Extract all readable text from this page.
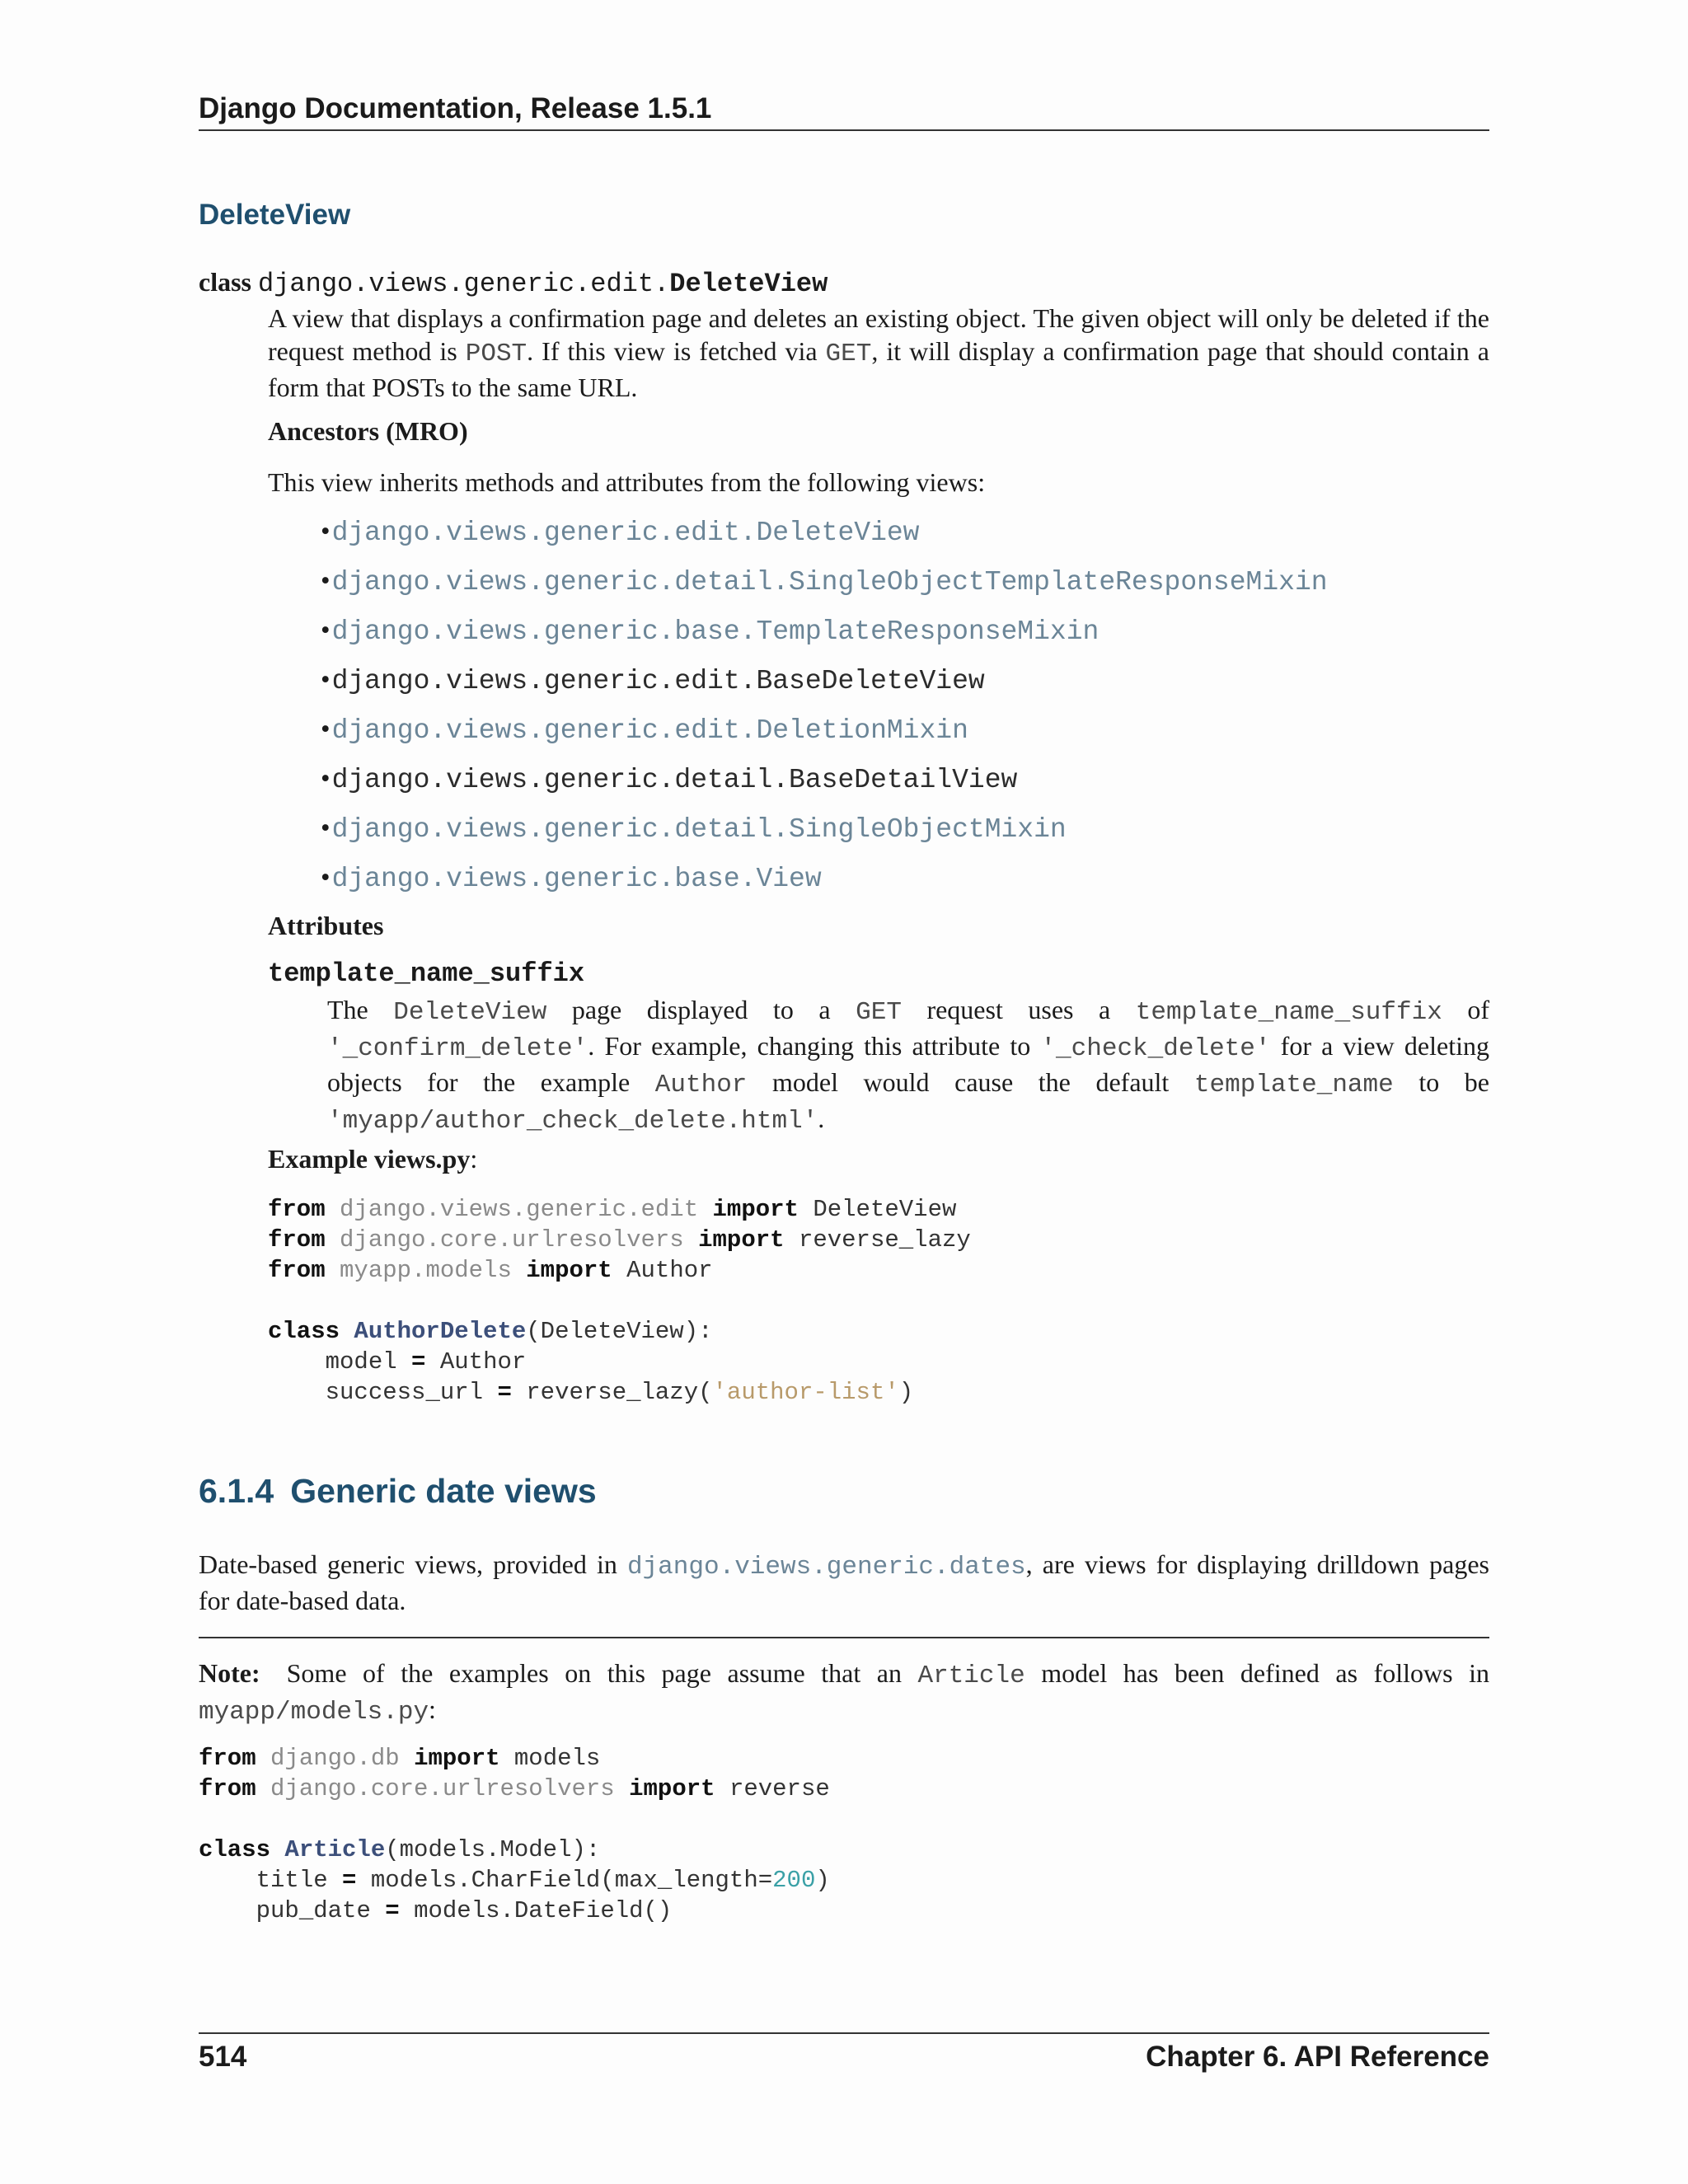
Django Documentation, Release 1.5.1
DeleteView
class django.views.generic.edit.DeleteView
A view that displays a confirmation page and deletes an existing object. The given object will only be deleted if the request method is POST. If this view is fetched via GET, it will display a confirmation page that should contain a form that POSTs to the same URL.
Ancestors (MRO)
This view inherits methods and attributes from the following views:
•django.views.generic.edit.DeleteView
•django.views.generic.detail.SingleObjectTemplateResponseMixin
•django.views.generic.base.TemplateResponseMixin
•django.views.generic.edit.BaseDeleteView
•django.views.generic.edit.DeletionMixin
•django.views.generic.detail.BaseDetailView
•django.views.generic.detail.SingleObjectMixin
•django.views.generic.base.View
Attributes
template_name_suffix
The DeleteView page displayed to a GET request uses a template_name_suffix of '_confirm_delete'. For example, changing this attribute to '_check_delete' for a view deleting objects for the example Author model would cause the default template_name to be 'myapp/author_check_delete.html'.
Example views.py:
from django.views.generic.edit import DeleteView
from django.core.urlresolvers import reverse_lazy
from myapp.models import Author

class AuthorDelete(DeleteView):
model = Author
success_url = reverse_lazy('author-list')
6.1.4 Generic date views
Date-based generic views, provided in django.views.generic.dates, are views for displaying drilldown pages for date-based data.
Note: Some of the examples on this page assume that an Article model has been defined as follows in myapp/models.py:
from django.db import models
from django.core.urlresolvers import reverse

class Article(models.Model):
title = models.CharField(max_length=200)
pub_date = models.DateField()
514	Chapter 6. API Reference
